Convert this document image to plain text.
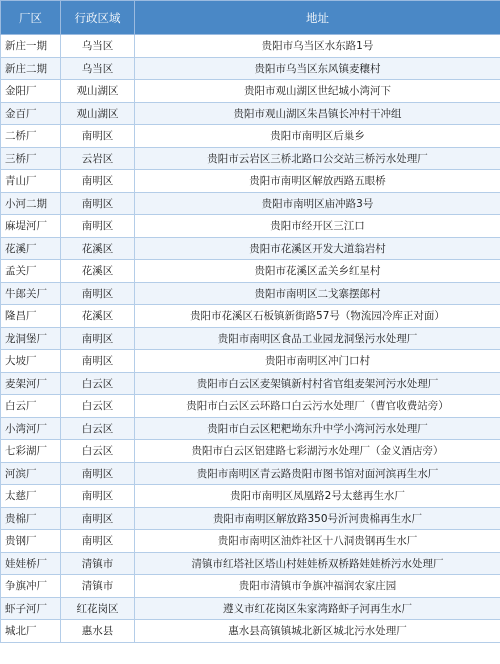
厂区	行政区域	地址
新庄一期	乌当区	贵阳市乌当区水东路1号
新庄二期	乌当区	贵阳市乌当区东风镇麦穰村
金阳厂	观山湖区	贵阳市观山湖区世纪城小湾河下
金百厂	观山湖区	贵阳市观山湖区朱昌镇长冲村干冲组
二桥厂	南明区	贵阳市南明区后巢乡
三桥厂	云岩区	贵阳市云岩区三桥北路口公交站三桥污水处理厂
青山厂	南明区	贵阳市南明区解放西路五眼桥
小河二期	南明区	贵阳市南明区庙冲路3号
麻堤河厂	南明区	贵阳市经开区三江口
花溪厂	花溪区	贵阳市花溪区开发大道翁岩村
孟关厂	花溪区	贵阳市花溪区孟关乡红星村
牛郎关厂	南明区	贵阳市南明区二戈寨摆郎村
隆昌厂	花溪区	贵阳市花溪区石板镇新街路57号（物流园冷库正对面）
龙洞堡厂	南明区	贵阳市南明区食品工业园龙洞堡污水处理厂
大坡厂	南明区	贵阳市南明区冲门口村
麦架河厂	白云区	贵阳市白云区麦架镇新村村省官组麦架河污水处理厂
白云厂	白云区	贵阳市白云区云环路口白云污水处理厂（曹官收费站旁）
小湾河厂	白云区	贵阳市白云区粑粑坳东升中学小湾河污水处理厂
七彩湖厂	白云区	贵阳市白云区铝建路七彩湖污水处理厂（金义酒店旁）
河滨厂	南明区	贵阳市南明区青云路贵阳市图书馆对面河滨再生水厂
太慈厂	南明区	贵阳市南明区凤凰路2号太慈再生水厂
贵棉厂	南明区	贵阳市南明区解放路350号沂河贵棉再生水厂
贵钢厂	南明区	贵阳市南明区油炸社区十八洞贵钢再生水厂
娃娃桥厂	清镇市	清镇市红塔社区塔山村娃娃桥双桥路娃娃桥污水处理厂
争旗冲厂	清镇市	贵阳市清镇市争旗冲福润农家庄园
虾子河厂	红花岗区	遵义市红花岗区朱家湾路虾子河再生水厂
城北厂	惠水县	惠水县高镇镇城北新区城北污水处理厂
